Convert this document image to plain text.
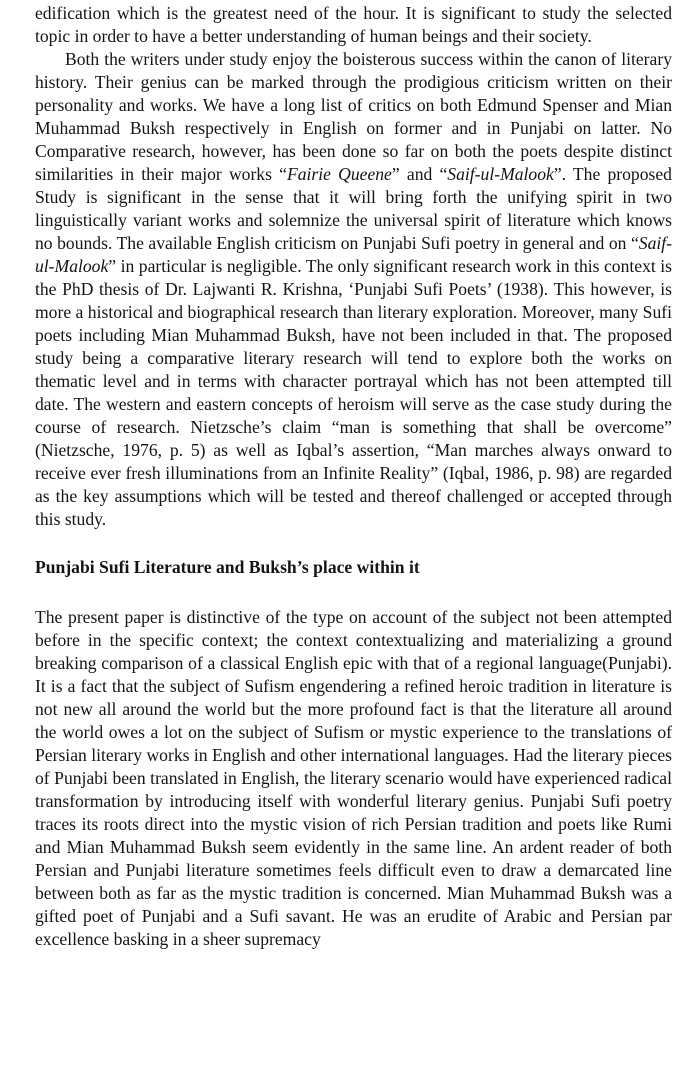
edification which is the greatest need of the hour. It is significant to study the selected topic in order to have a better understanding of human beings and their society.

Both the writers under study enjoy the boisterous success within the canon of literary history. Their genius can be marked through the prodigious criticism written on their personality and works. We have a long list of critics on both Edmund Spenser and Mian Muhammad Buksh respectively in English on former and in Punjabi on latter. No Comparative research, however, has been done so far on both the poets despite distinct similarities in their major works “Fairie Queene” and “Saif-ul-Malook”. The proposed Study is significant in the sense that it will bring forth the unifying spirit in two linguistically variant works and solemnize the universal spirit of literature which knows no bounds. The available English criticism on Punjabi Sufi poetry in general and on “Saif-ul-Malook” in particular is negligible. The only significant research work in this context is the PhD thesis of Dr. Lajwanti R. Krishna, ‘Punjabi Sufi Poets’ (1938). This however, is more a historical and biographical research than literary exploration. Moreover, many Sufi poets including Mian Muhammad Buksh, have not been included in that. The proposed study being a comparative literary research will tend to explore both the works on thematic level and in terms with character portrayal which has not been attempted till date. The western and eastern concepts of heroism will serve as the case study during the course of research. Nietzsche’s claim “man is something that shall be overcome” (Nietzsche, 1976, p. 5) as well as Iqbal’s assertion, “Man marches always onward to receive ever fresh illuminations from an Infinite Reality” (Iqbal, 1986, p. 98) are regarded as the key assumptions which will be tested and thereof challenged or accepted through this study.

Punjabi Sufi Literature and Buksh’s place within it

The present paper is distinctive of the type on account of the subject not been attempted before in the specific context; the context contextualizing and materializing a ground breaking comparison of a classical English epic with that of a regional language(Punjabi). It is a fact that the subject of Sufism engendering a refined heroic tradition in literature is not new all around the world but the more profound fact is that the literature all around the world owes a lot on the subject of Sufism or mystic experience to the translations of Persian literary works in English and other international languages. Had the literary pieces of Punjabi been translated in English, the literary scenario would have experienced radical transformation by introducing itself with wonderful literary genius. Punjabi Sufi poetry traces its roots direct into the mystic vision of rich Persian tradition and poets like Rumi and Mian Muhammad Buksh seem evidently in the same line. An ardent reader of both Persian and Punjabi literature sometimes feels difficult even to draw a demarcated line between both as far as the mystic tradition is concerned. Mian Muhammad Buksh was a gifted poet of Punjabi and a Sufi savant. He was an erudite of Arabic and Persian par excellence basking in a sheer supremacy
